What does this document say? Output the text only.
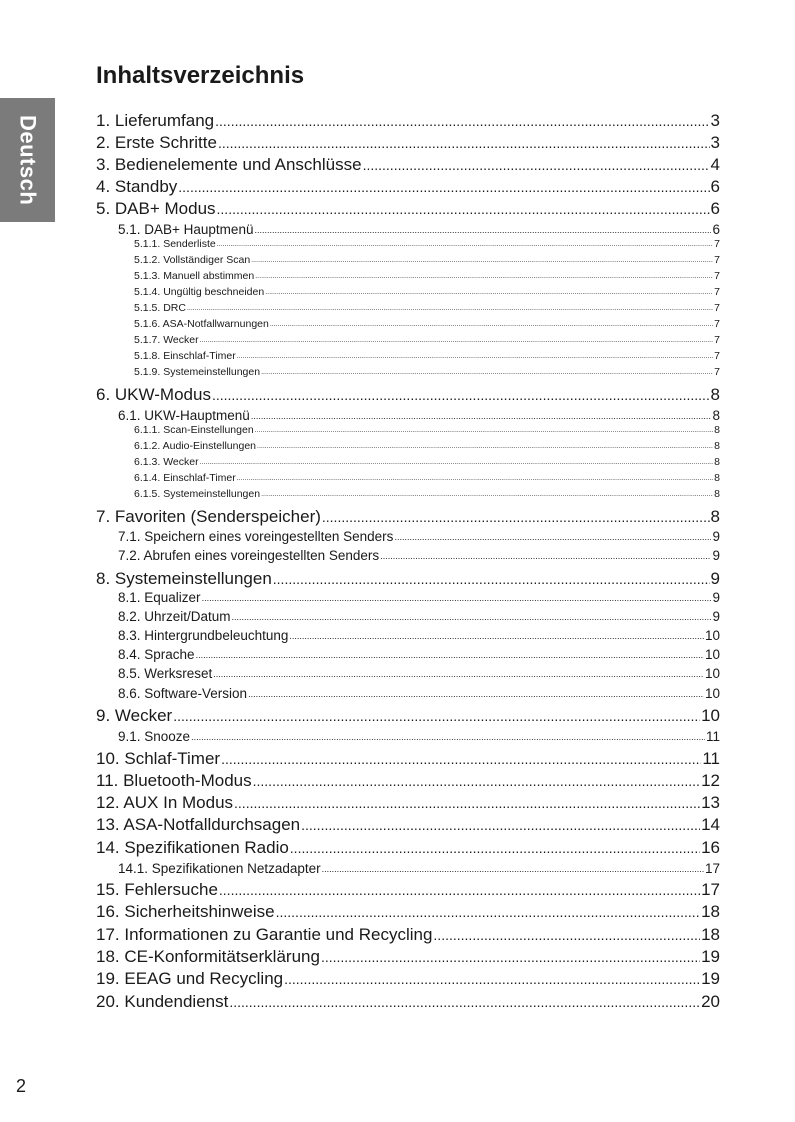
Deutsch
Inhaltsverzeichnis
1. Lieferumfang .....	3
2. Erste Schritte .....	3
3. Bedienelemente und Anschlüsse .....	4
4. Standby .....	6
5. DAB+ Modus .....	6
5.1. DAB+ Hauptmenü .....	6
5.1.1. Senderliste .....	7
5.1.2. Vollständiger Scan .....	7
5.1.3. Manuell abstimmen .....	7
5.1.4. Ungültig beschneiden .....	7
5.1.5. DRC .....	7
5.1.6. ASA-Notfallwarnungen .....	7
5.1.7. Wecker .....	7
5.1.8. Einschlaf-Timer .....	7
5.1.9. Systemeinstellungen .....	7
6. UKW-Modus .....	8
6.1. UKW-Hauptmenü .....	8
6.1.1. Scan-Einstellungen .....	8
6.1.2. Audio-Einstellungen .....	8
6.1.3. Wecker .....	8
6.1.4. Einschlaf-Timer .....	8
6.1.5. Systemeinstellungen .....	8
7. Favoriten (Senderspeicher) .....	8
7.1. Speichern eines voreingestellten Senders .....	9
7.2. Abrufen eines voreingestellten Senders .....	9
8. Systemeinstellungen .....	9
8.1. Equalizer .....	9
8.2. Uhrzeit/Datum .....	9
8.3. Hintergrundbeleuchtung .....	10
8.4. Sprache .....	10
8.5. Werksreset .....	10
8.6. Software-Version .....	10
9. Wecker .....	10
9.1. Snooze .....	11
10. Schlaf-Timer .....	11
11. Bluetooth-Modus .....	12
12. AUX In Modus .....	13
13. ASA-Notfalldurchsagen .....	14
14. Spezifikationen Radio .....	16
14.1. Spezifikationen Netzadapter .....	17
15. Fehlersuche .....	17
16. Sicherheitshinweise .....	18
17. Informationen zu Garantie und Recycling .....	18
18. CE-Konformitätserklärung .....	19
19. EEAG und Recycling .....	19
20. Kundendienst .....	20
2
